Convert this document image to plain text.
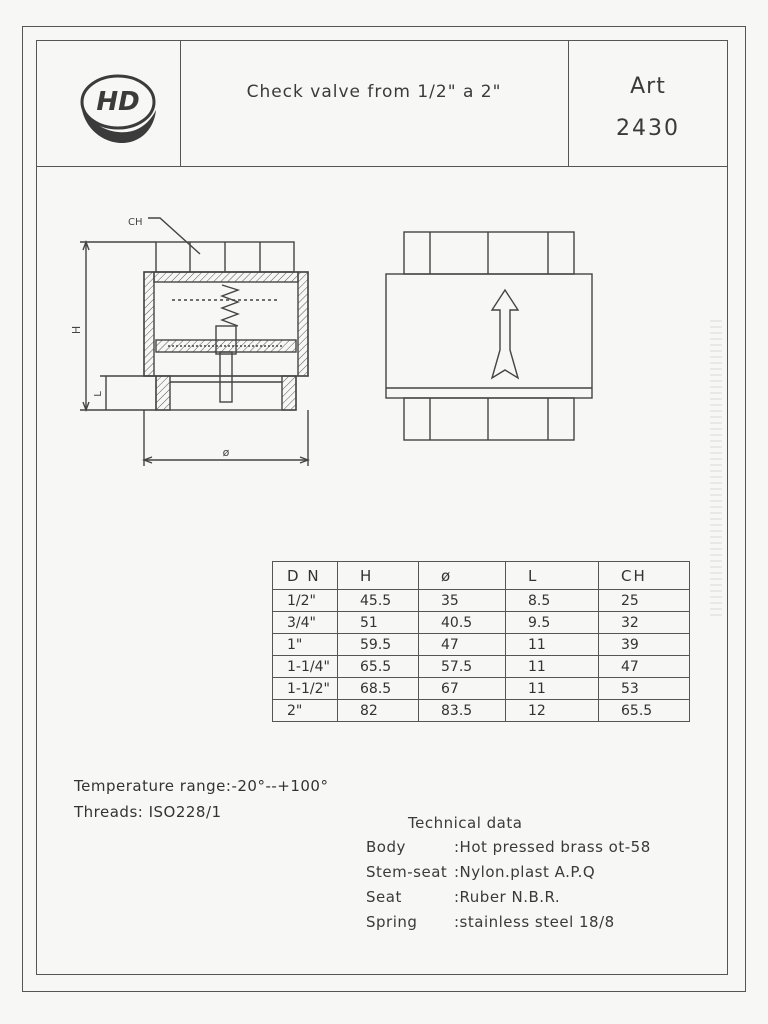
HD	Check valve from 1/2" a 2"	Art
2430
CH
H
L
ø
D N	H	ø	L	CH
1/2"	45.5	35	8.5	25
3/4"	51	40.5	9.5	32
1"	59.5	47	11	39
1-1/4"	65.5	57.5	11	47
1-1/2"	68.5	67	11	53
2"	82	83.5	12	65.5
Temperature range:-20°--+100°
Threads: ISO228/1
Technical data
Body	:Hot pressed brass ot-58
Stem-seat :Nylon.plast A.P.Q
Seat	:Ruber N.B.R.
Spring :stainless steel 18/8
